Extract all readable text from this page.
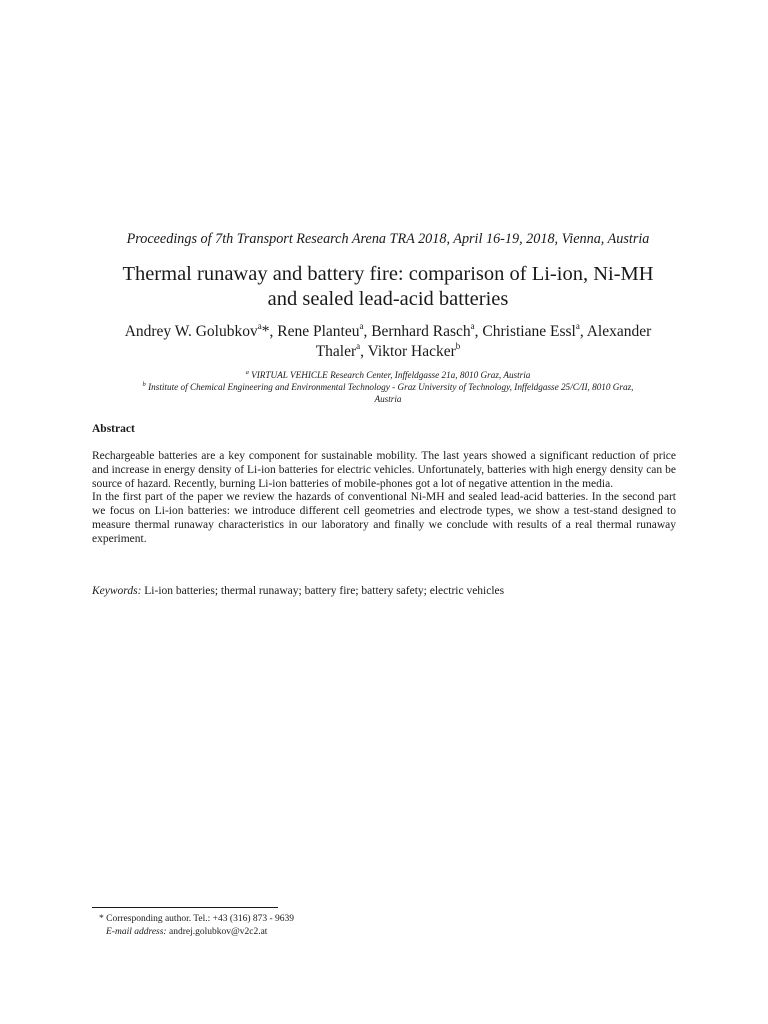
Proceedings of 7th Transport Research Arena TRA 2018, April 16-19, 2018, Vienna, Austria
Thermal runaway and battery fire: comparison of Li-ion, Ni-MH
and sealed lead-acid batteries
Andrey W. Golubkov$^a$*, Rene Planteu$^a$, Bernhard Rasch$^a$, Christiane Essl$^a$, Alexander
Thaler$^a$, Viktor Hacker$^b$
$^a$ VIRTUAL VEHICLE Research Center, Inffeldgasse 21a, 8010 Graz, Austria
$^b$ Institute of Chemical Engineering and Environmental Technology - Graz University of Technology, Inffeldgasse 25/C/II, 8010 Graz,
Austria
Abstract

Rechargeable batteries are a key component for sustainable mobility. The last years showed a significant reduction of price and increase in energy density of Li-ion batteries for electric vehicles. Unfortunately, batteries with high energy density can be source of hazard. Recently, burning Li-ion batteries of mobile-phones got a lot of negative attention in the media.

In the first part of the paper we review the hazards of conventional Ni-MH and sealed lead-acid batteries. In the second part we focus on Li-ion batteries: we introduce different cell geometries and electrode types, we show a test-stand designed to measure thermal runaway characteristics in our laboratory and finally we conclude with results of a real thermal runaway experiment.

Keywords: Li-ion batteries; thermal runaway; battery fire; battery safety; electric vehicles
* Corresponding author. Tel.: +43 (316) 873 - 9639
E-mail address: andrej.golubkov@v2c2.at
